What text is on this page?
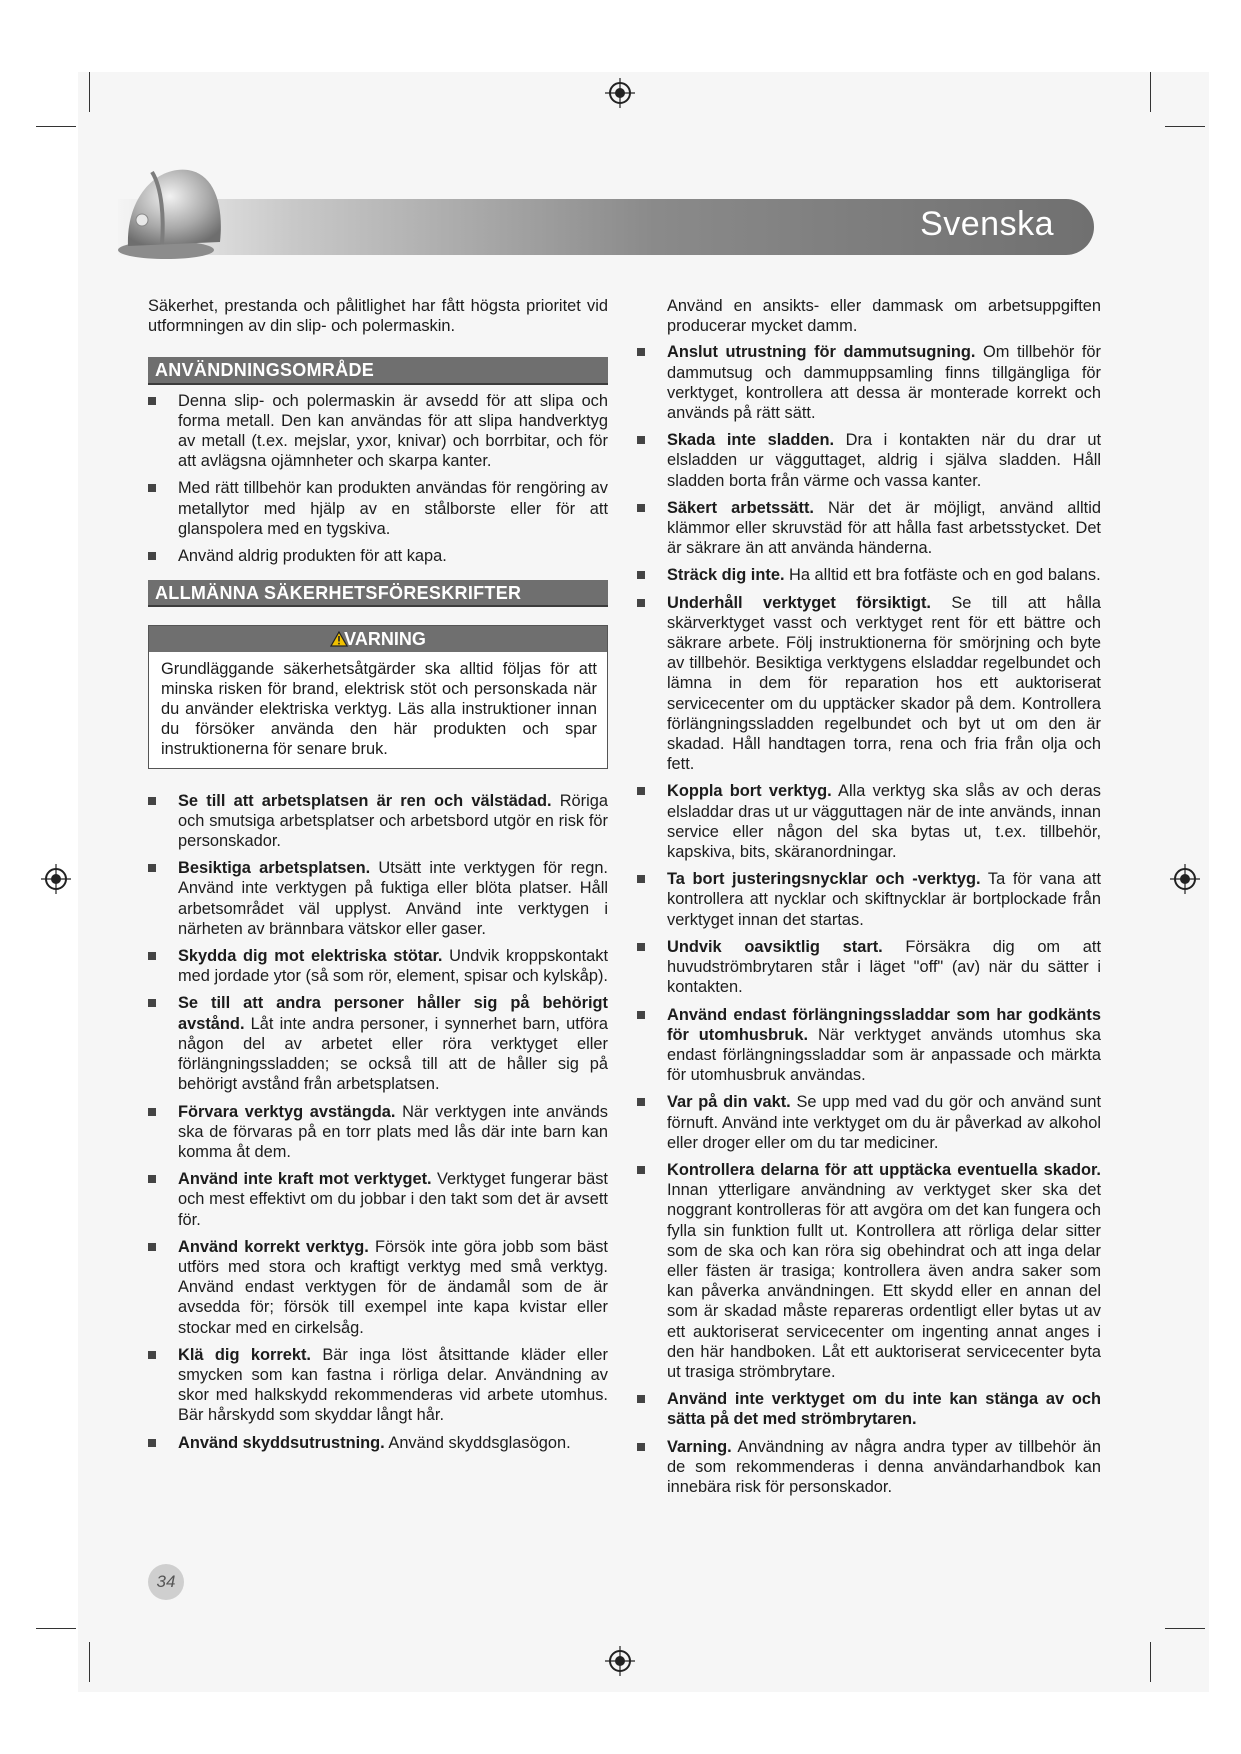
Svenska

Säkerhet, prestanda och pålitlighet har fått högsta prioritet vid utformningen av din slip- och polermaskin.

ANVÄNDNINGSOMRÅDE
Denna slip- och polermaskin är avsedd för att slipa och forma metall. Den kan användas för att slipa handverktyg av metall (t.ex. mejslar, yxor, knivar) och borrbitar, och för att avlägsna ojämnheter och skarpa kanter.
Med rätt tillbehör kan produkten användas för rengöring av metallytor med hjälp av en stålborste eller för att glanspolera med en tygskiva.
Använd aldrig produkten för att kapa.
ALLMÄNNA SÄKERHETSFÖRESKRIFTER
VARNING
Grundläggande säkerhetsåtgärder ska alltid följas för att minska risken för brand, elektrisk stöt och personskada när du använder elektriska verktyg. Läs alla instruktioner innan du försöker använda den här produkten och spar instruktionerna för senare bruk.
Se till att arbetsplatsen är ren och välstädad. Röriga och smutsiga arbetsplatser och arbetsbord utgör en risk för personskador.
Besiktiga arbetsplatsen. Utsätt inte verktygen för regn. Använd inte verktygen på fuktiga eller blöta platser. Håll arbetsområdet väl upplyst. Använd inte verktygen i närheten av brännbara vätskor eller gaser.
Skydda dig mot elektriska stötar. Undvik kroppskontakt med jordade ytor (så som rör, element, spisar och kylskåp).
Se till att andra personer håller sig på behörigt avstånd. Låt inte andra personer, i synnerhet barn, utföra någon del av arbetet eller röra verktyget eller förlängningssladden; se också till att de håller sig på behörigt avstånd från arbetsplatsen.
Förvara verktyg avstängda. När verktygen inte används ska de förvaras på en torr plats med lås där inte barn kan komma åt dem.
Använd inte kraft mot verktyget. Verktyget fungerar bäst och mest effektivt om du jobbar i den takt som det är avsett för.
Använd korrekt verktyg. Försök inte göra jobb som bäst utförs med stora och kraftigt verktyg med små verktyg. Använd endast verktygen för de ändamål som de är avsedda för; försök till exempel inte kapa kvistar eller stockar med en cirkelsåg.
Klä dig korrekt. Bär inga löst åtsittande kläder eller smycken som kan fastna i rörliga delar. Användning av skor med halkskydd rekommenderas vid arbete utomhus. Bär hårskydd som skyddar långt hår.
Använd skyddsutrustning. Använd skyddsglasögon.

Använd en ansikts- eller dammask om arbetsuppgiften producerar mycket damm.

Anslut utrustning för dammutsugning. Om tillbehör för dammutsug och dammuppsamling finns tillgängliga för verktyget, kontrollera att dessa är monterade korrekt och används på rätt sätt.
Skada inte sladden. Dra i kontakten när du drar ut elsladden ur vägguttaget, aldrig i själva sladden. Håll sladden borta från värme och vassa kanter.
Säkert arbetssätt. När det är möjligt, använd alltid klämmor eller skruvstäd för att hålla fast arbetsstycket. Det är säkrare än att använda händerna.
Sträck dig inte. Ha alltid ett bra fotfäste och en god balans.
Underhåll verktyget försiktigt. Se till att hålla skärverktyget vasst och verktyget rent för ett bättre och säkrare arbete. Följ instruktionerna för smörjning och byte av tillbehör. Besiktiga verktygens elsladdar regelbundet och lämna in dem för reparation hos ett auktoriserat servicecenter om du upptäcker skador på dem. Kontrollera förlängningssladden regelbundet och byt ut om den är skadad. Håll handtagen torra, rena och fria från olja och fett.
Koppla bort verktyg. Alla verktyg ska slås av och deras elsladdar dras ut ur vägguttagen när de inte används, innan service eller någon del ska bytas ut, t.ex. tillbehör, kapskiva, bits, skäranordningar.
Ta bort justeringsnycklar och -verktyg. Ta för vana att kontrollera att nycklar och skiftnycklar är bortplockade från verktyget innan det startas.
Undvik oavsiktlig start. Försäkra dig om att huvudströmbrytaren står i läget "off" (av) när du sätter i kontakten.
Använd endast förlängningssladdar som har godkänts för utomhusbruk. När verktyget används utomhus ska endast förlängningssladdar som är anpassade och märkta för utomhusbruk användas.
Var på din vakt. Se upp med vad du gör och använd sunt förnuft. Använd inte verktyget om du är påverkad av alkohol eller droger eller om du tar mediciner.
Kontrollera delarna för att upptäcka eventuella skador. Innan ytterligare användning av verktyget sker ska det noggrant kontrolleras för att avgöra om det kan fungera och fylla sin funktion fullt ut. Kontrollera att rörliga delar sitter som de ska och kan röra sig obehindrat och att inga delar eller fästen är trasiga; kontrollera även andra saker som kan påverka användningen. Ett skydd eller en annan del som är skadad måste repareras ordentligt eller bytas ut av ett auktoriserat servicecenter om ingenting annat anges i den här handboken. Låt ett auktoriserat servicecenter byta ut trasiga strömbrytare.
Använd inte verktyget om du inte kan stänga av och sätta på det med strömbrytaren.
Varning. Användning av några andra typer av tillbehör än de som rekommenderas i denna användarhandbok kan innebära risk för personskador.
34
